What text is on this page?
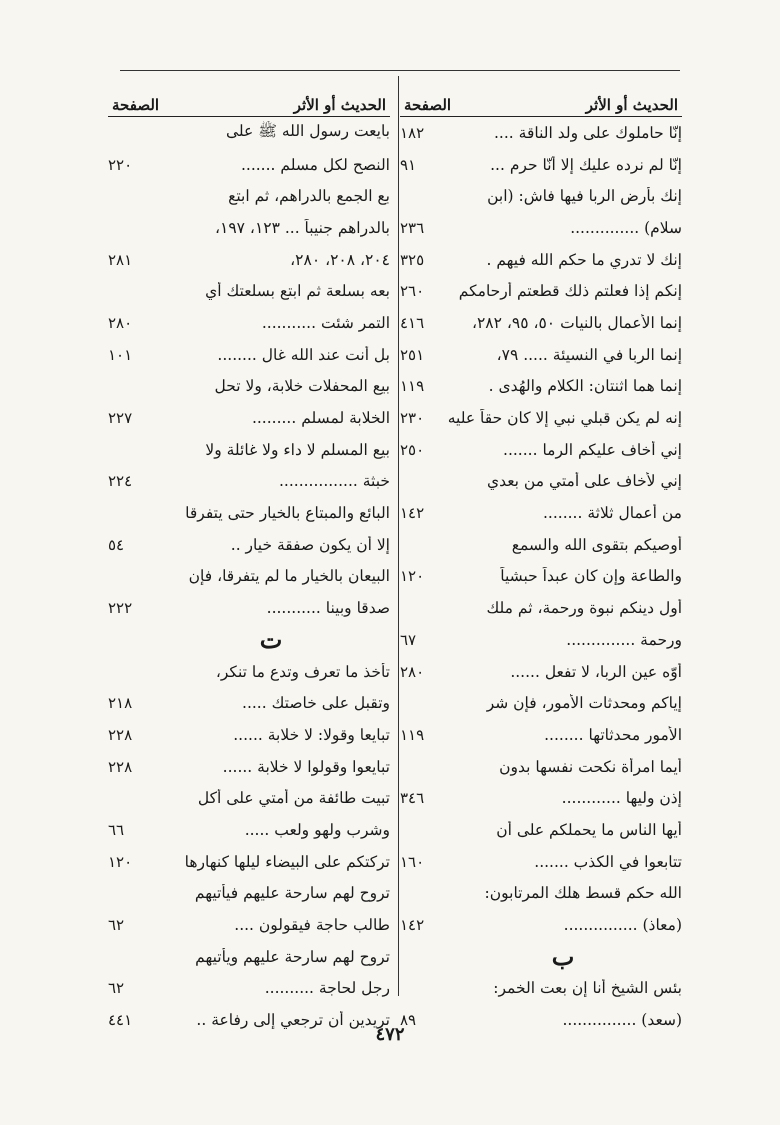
الحديث أو الأثر
الصفحة
إنّا حاملوك على ولد الناقة ....
١٨٢
إنّا لم نرده عليك إلا أنّا حرم ...
٩١
إنك بأرض الربا فيها فاش: (ابن
سلام) ..............
٢٣٦
إنك لا تدري ما حكم الله فيهم .
٣٢٥
إنكم إذا فعلتم ذلك قطعتم أرحامكم
٢٦٠
إنما الأعمال بالنيات ٥٠، ٩٥، ٢٨٢،
٤١٦
إنما الربا في النسيئة ..... ٧٩،
٢٥١
إنما هما اثنتان: الكلام والهُدى .
١١٩
إنه لم يكن قبلي نبي إلا كان حقاً عليه
٢٣٠
إني أخاف عليكم الرما .......
٢٥٠
إني لأخاف على أمتي من بعدي
من أعمال ثلاثة ........
١٤٢
أوصيكم بتقوى الله والسمع
والطاعة وإن كان عبداً حبشياً
١٢٠
أول دينكم نبوة ورحمة، ثم ملك
ورحمة ..............
٦٧
أوّه عين الربا، لا تفعل ......
٢٨٠
إياكم ومحدثات الأمور، فإن شر
الأمور محدثاتها ........
١١٩
أيما امرأة نكحت نفسها بدون
إذن وليها ............
٣٤٦
أيها الناس ما يحملكم على أن
تتابعوا في الكذب .......
١٦٠
الله حكم قسط هلك المرتابون:
(معاذ) ...............
١٤٢
ب
بئس الشيخ أنا إن بعت الخمر:
(سعد) ...............
٨٩
الحديث أو الأثر
الصفحة
بايعت رسول الله ﷺ على
النصح لكل مسلم .......
٢٢٠
بع الجمع بالدراهم، ثم ابتع
بالدراهم جنيباً ... ١٢٣، ١٩٧،
٢٠٤، ٢٠٨، ٢٨٠،
٢٨١
بعه بسلعة ثم ابتع بسلعتك أي
التمر شئت ...........
٢٨٠
بل أنت عند الله غال ........
١٠١
بيع المحفلات خلابة، ولا تحل
الخلابة لمسلم .........
٢٢٧
بيع المسلم لا داء ولا غائلة ولا
خبثة ................
٢٢٤
البائع والمبتاع بالخيار حتى يتفرقا
إلا أن يكون صفقة خيار ..
٥٤
البيعان بالخيار ما لم يتفرقا، فإن
صدقا وبينا ...........
٢٢٢
ت
تأخذ ما تعرف وتدع ما تنكر،
وتقبل على خاصتك .....
٢١٨
تبايعا وقولا: لا خلابة ......
٢٢٨
تبايعوا وقولوا لا خلابة ......
٢٢٨
تبيت طائفة من أمتي على أكل
وشرب ولهو ولعب .....
٦٦
تركتكم على البيضاء ليلها كنهارها
١٢٠
تروح لهم سارحة عليهم فيأتيهم
طالب حاجة فيقولون ....
٦٢
تروح لهم سارحة عليهم ويأتيهم
رجل لحاجة ..........
٦٢
تريدين أن ترجعي إلى رفاعة ..
٤٤١
٤٧٢
